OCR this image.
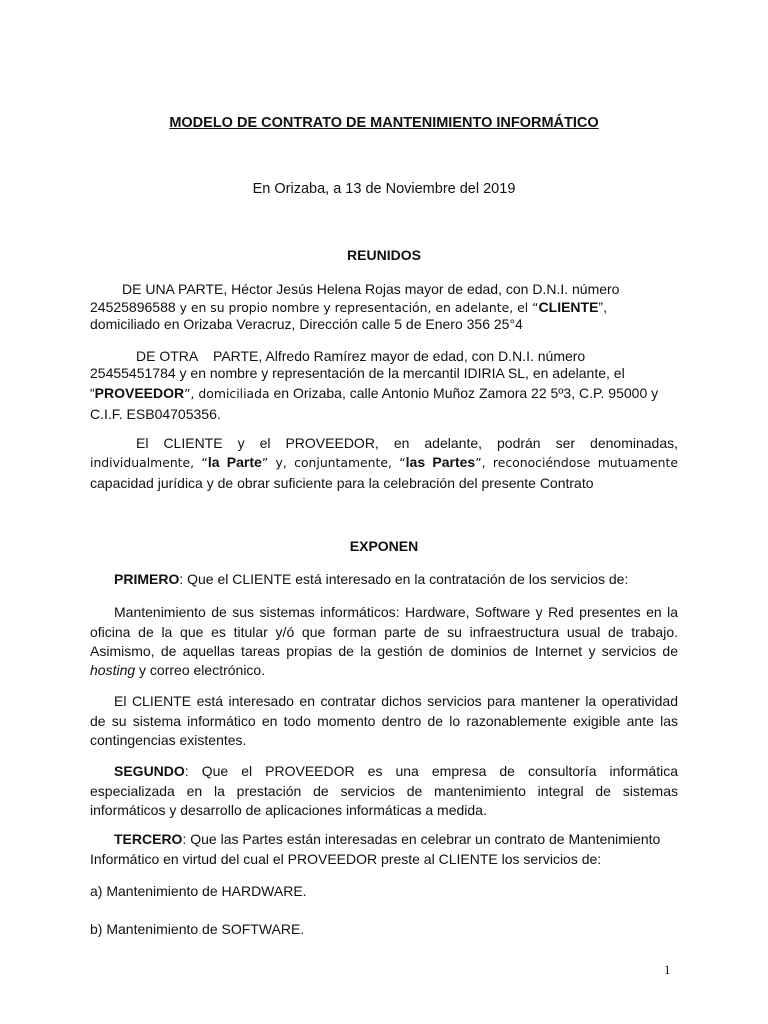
MODELO DE CONTRATO DE MANTENIMIENTO INFORMÁTICO
En Orizaba, a 13 de Noviembre del 2019
REUNIDOS
DE UNA PARTE, Héctor Jesús Helena Rojas mayor de edad, con D.N.I. número
24525896588 y en su propio nombre y representación, en adelante, el “CLIENTE”,
domiciliado en Orizaba Veracruz, Dirección calle 5 de Enero 356 25°4
DE OTRA    PARTE, Alfredo Ramírez mayor de edad, con D.N.I. número
25455451784 y en nombre y representación de la mercantil IDIRIA SL, en adelante, el
“PROVEEDOR”, domiciliada en Orizaba, calle Antonio Muñoz Zamora 22 5º3, C.P. 95000 y
C.I.F. ESB04705356.
El CLIENTE y el PROVEEDOR, en adelante, podrán ser denominadas,
individualmente, “la Parte” y, conjuntamente, “las Partes”, reconociéndose mutuamente
capacidad jurídica y de obrar suficiente para la celebración del presente Contrato
EXPONEN
PRIMERO: Que el CLIENTE está interesado en la contratación de los servicios de:
Mantenimiento de sus sistemas informáticos: Hardware, Software y Red presentes en la
oficina de la que es titular y/ó que forman parte de su infraestructura usual de trabajo.
Asimismo, de aquellas tareas propias de la gestión de dominios de Internet y servicios de
hosting y correo electrónico.
El CLIENTE está interesado en contratar dichos servicios para mantener la operatividad
de su sistema informático en todo momento dentro de lo razonablemente exigible ante las
contingencias existentes.
SEGUNDO: Que el PROVEEDOR es una empresa de consultoría informática
especializada en la prestación de servicios de mantenimiento integral de sistemas
informáticos y desarrollo de aplicaciones informáticas a medida.
TERCERO: Que las Partes están interesadas en celebrar un contrato de Mantenimiento
Informático en virtud del cual el PROVEEDOR preste al CLIENTE los servicios de:
a) Mantenimiento de HARDWARE.
b) Mantenimiento de SOFTWARE.
1
